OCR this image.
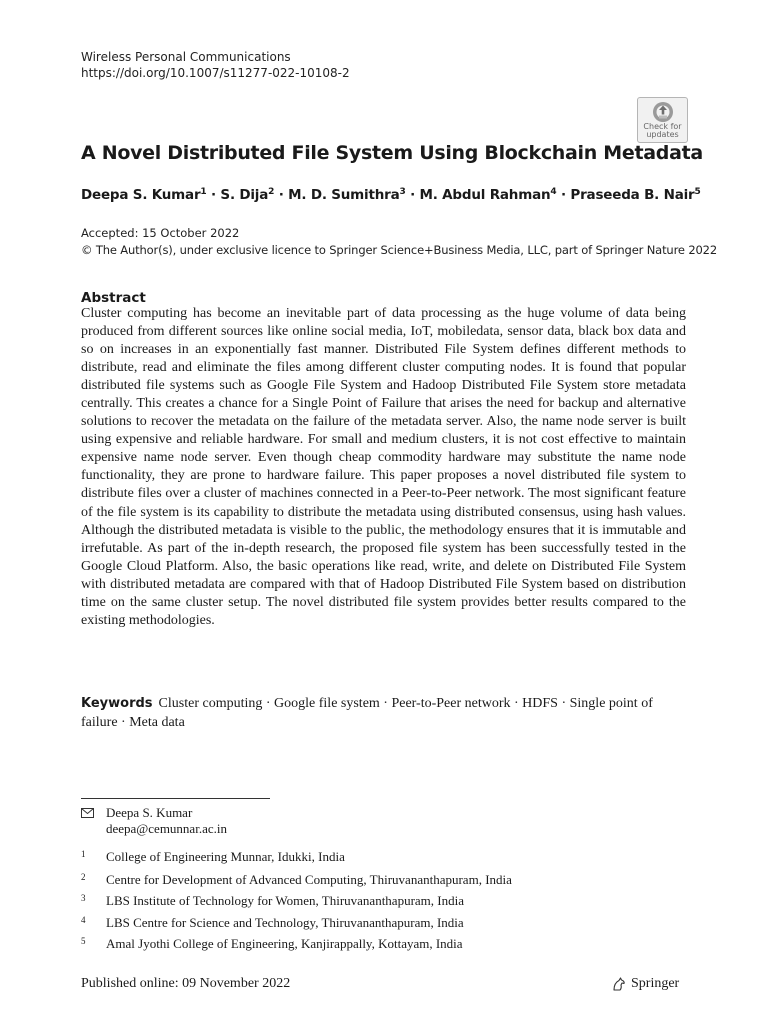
Wireless Personal Communications
https://doi.org/10.1007/s11277-022-10108-2
Check for
updates
A Novel Distributed File System Using Blockchain Metadata
Deepa S. Kumar$^1$ · S. Dija$^2$ · M. D. Sumithra$^3$ · M. Abdul Rahman$^4$ · Praseeda B. Nair$^5$
Accepted: 15 October 2022
© The Author(s), under exclusive licence to Springer Science+Business Media, LLC, part of Springer Nature 2022
Abstract
Cluster computing has become an inevitable part of data processing as the huge volume of data being produced from different sources like online social media, IoT, mobiledata, sensor data, black box data and so on increases in an exponentially fast manner. Distributed File System defines different methods to distribute, read and eliminate the files among different cluster computing nodes. It is found that popular distributed file systems such as Google File System and Hadoop Distributed File System store metadata centrally. This creates a chance for a Single Point of Failure that arises the need for backup and alternative solutions to recover the metadata on the failure of the metadata server. Also, the name node server is built using expensive and reliable hardware. For small and medium clusters, it is not cost effective to maintain expensive name node server. Even though cheap commodity hardware may substitute the name node functionality, they are prone to hardware failure. This paper proposes a novel distributed file system to distribute files over a cluster of machines connected in a Peer-to-Peer network. The most significant feature of the file system is its capability to distribute the metadata using distributed consensus, using hash values. Although the distributed metadata is visible to the public, the methodology ensures that it is immutable and irrefutable. As part of the in-depth research, the proposed file system has been successfully tested in the Google Cloud Platform. Also, the basic operations like read, write, and delete on Distributed File System with distributed metadata are compared with that of Hadoop Distributed File System based on distribution time on the same cluster setup. The novel distributed file system provides better results compared to the existing methodologies.
Keywords Cluster computing · Google file system · Peer-to-Peer network · HDFS · Single point of failure · Meta data
Deepa S. Kumar
deepa@cemunnar.ac.in
1 College of Engineering Munnar, Idukki, India
2 Centre for Development of Advanced Computing, Thiruvananthapuram, India
3 LBS Institute of Technology for Women, Thiruvananthapuram, India
4 LBS Centre for Science and Technology, Thiruvananthapuram, India
5 Amal Jyothi College of Engineering, Kanjirappally, Kottayam, India
Published online: 09 November 2022	Springer
